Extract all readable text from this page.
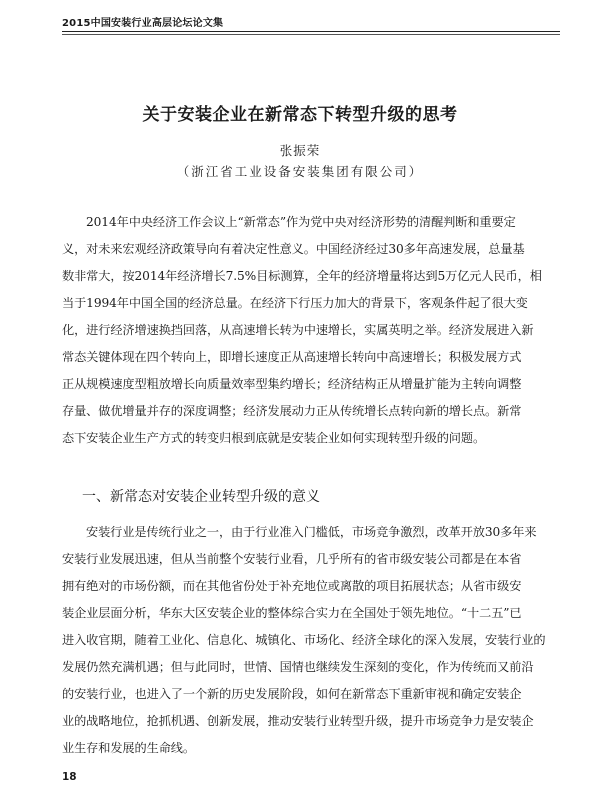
2015中国安装行业高层论坛论文集
关于安装企业在新常态下转型升级的思考
张振荣
（浙江省工业设备安装集团有限公司）
2014年中央经济工作会议上“新常态”作为党中央对经济形势的清醒判断和重要定
义，对未来宏观经济政策导向有着决定性意义。中国经济经过30多年高速发展，总量基
数非常大，按2014年经济增长7.5%目标测算，全年的经济增量将达到5万亿元人民币，相
当于1994年中国全国的经济总量。在经济下行压力加大的背景下，客观条件起了很大变
化，进行经济增速换挡回落，从高速增长转为中速增长，实属英明之举。经济发展进入新
常态关键体现在四个转向上，即增长速度正从高速增长转向中高速增长；积极发展方式
正从规模速度型粗放增长向质量效率型集约增长；经济结构正从增量扩能为主转向调整
存量、做优增量并存的深度调整；经济发展动力正从传统增长点转向新的增长点。新常
态下安装企业生产方式的转变归根到底就是安装企业如何实现转型升级的问题。
一、新常态对安装企业转型升级的意义
安装行业是传统行业之一，由于行业准入门槛低，市场竞争激烈，改革开放30多年来
安装行业发展迅速，但从当前整个安装行业看，几乎所有的省市级安装公司都是在本省
拥有绝对的市场份额，而在其他省份处于补充地位或离散的项目拓展状态；从省市级安
装企业层面分析，华东大区安装企业的整体综合实力在全国处于领先地位。“十二五”已
进入收官期，随着工业化、信息化、城镇化、市场化、经济全球化的深入发展，安装行业的
发展仍然充满机遇；但与此同时，世情、国情也继续发生深刻的变化，作为传统而又前沿
的安装行业，也进入了一个新的历史发展阶段，如何在新常态下重新审视和确定安装企
业的战略地位，抢抓机遇、创新发展，推动安装行业转型升级，提升市场竞争力是安装企
业生存和发展的生命线。
18
